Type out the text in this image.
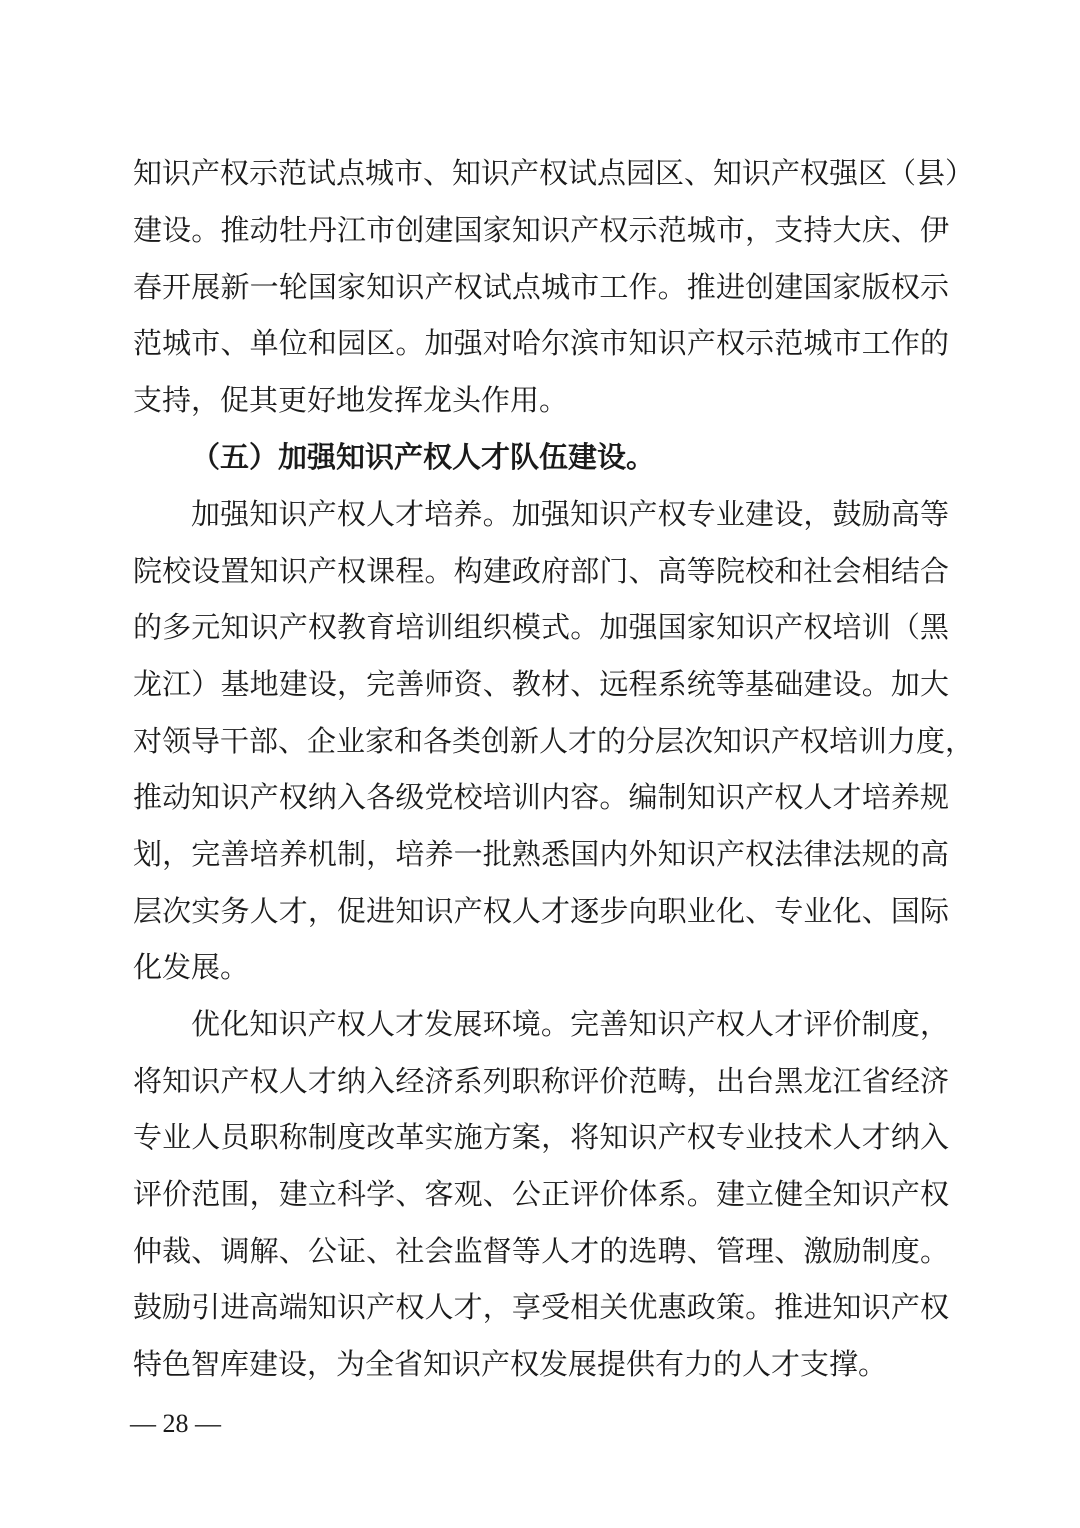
知识产权示范试点城市、知识产权试点园区、知识产权强区（县）
建设。推动牡丹江市创建国家知识产权示范城市，支持大庆、伊
春开展新一轮国家知识产权试点城市工作。推进创建国家版权示
范城市、单位和园区。加强对哈尔滨市知识产权示范城市工作的
支持，促其更好地发挥龙头作用。
（五）加强知识产权人才队伍建设。
加强知识产权人才培养。加强知识产权专业建设，鼓励高等
院校设置知识产权课程。构建政府部门、高等院校和社会相结合
的多元知识产权教育培训组织模式。加强国家知识产权培训（黑
龙江）基地建设，完善师资、教材、远程系统等基础建设。加大
对领导干部、企业家和各类创新人才的分层次知识产权培训力度，
推动知识产权纳入各级党校培训内容。编制知识产权人才培养规
划，完善培养机制，培养一批熟悉国内外知识产权法律法规的高
层次实务人才，促进知识产权人才逐步向职业化、专业化、国际
化发展。
优化知识产权人才发展环境。完善知识产权人才评价制度，
将知识产权人才纳入经济系列职称评价范畴，出台黑龙江省经济
专业人员职称制度改革实施方案，将知识产权专业技术人才纳入
评价范围，建立科学、客观、公正评价体系。建立健全知识产权
仲裁、调解、公证、社会监督等人才的选聘、管理、激励制度。
鼓励引进高端知识产权人才，享受相关优惠政策。推进知识产权
特色智库建设，为全省知识产权发展提供有力的人才支撑。
— 28 —
